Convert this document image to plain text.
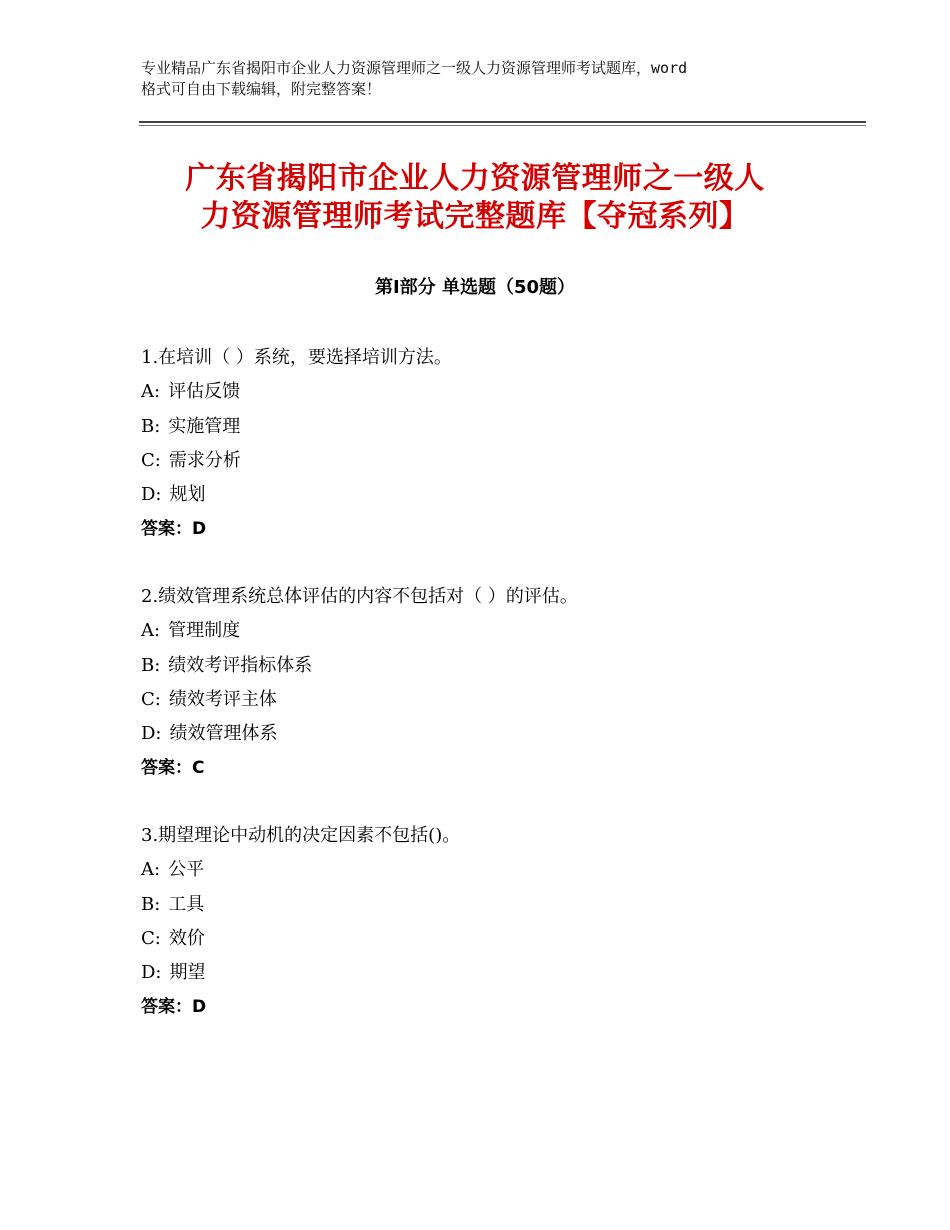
专业精品广东省揭阳市企业人力资源管理师之一级人力资源管理师考试题库，word
格式可自由下载编辑，附完整答案！
广东省揭阳市企业人力资源管理师之一级人
力资源管理师考试完整题库【夺冠系列】
第Ⅰ部分 单选题（50题）
1.在培训（ ）系统，要选择培训方法。
A: 评估反馈
B: 实施管理
C: 需求分析
D: 规划
答案：D
2.绩效管理系统总体评估的内容不包括对（ ）的评估。
A: 管理制度
B: 绩效考评指标体系
C: 绩效考评主体
D: 绩效管理体系
答案：C
3.期望理论中动机的决定因素不包括()。
A: 公平
B: 工具
C: 效价
D: 期望
答案：D
